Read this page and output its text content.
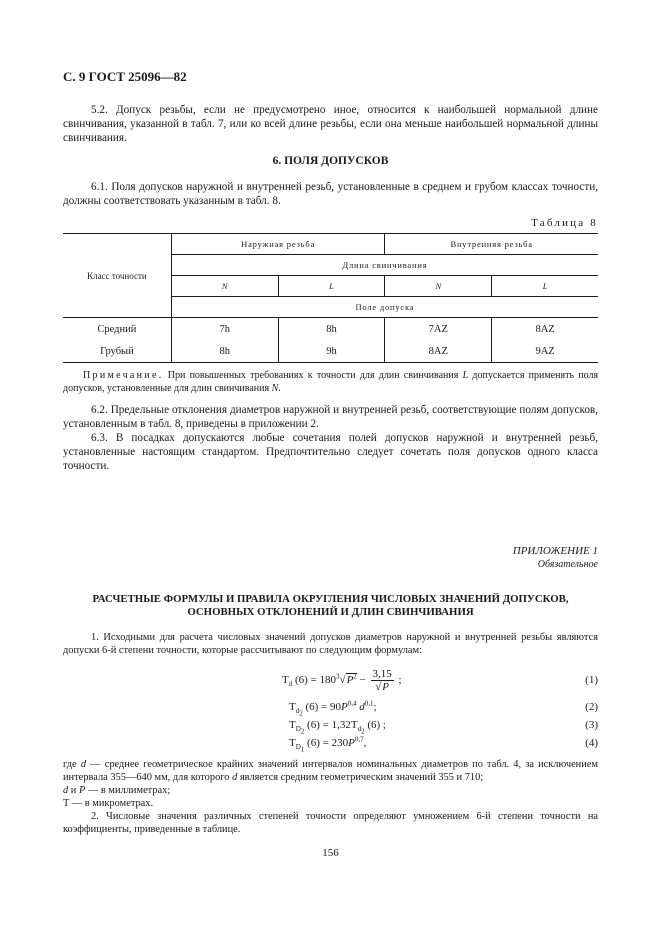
С. 9 ГОСТ 25096—82
5.2. Допуск резьбы, если не предусмотрено иное, относится к наибольшей нормальной длине свинчивания, указанной в табл. 7, или ко всей длине резьбы, если она меньше наибольшей нормальной длины свинчивания.
6. ПОЛЯ ДОПУСКОВ
6.1. Поля допусков наружной и внутренней резьб, установленные в среднем и грубом классах точности, должны соответствовать указанным в табл. 8.
Таблица 8
Класс точности	Наружная резьба		Внутренняя резьба	
	Длина свинчивания			
	N	L	N	L
	Поле допуска			
Средний	7h	8h	7AZ	8AZ
Грубый	8h	9h	8AZ	9AZ
Примечание. При повышенных требованиях к точности для длин свинчивания L допускается применять поля допусков, установленные для длин свинчивания N.
6.2. Предельные отклонения диаметров наружной и внутренней резьб, соответствующие полям допусков, установленным в табл. 8, приведены в приложении 2.
6.3. В посадках допускаются любые сочетания полей допусков наружной и внутренней резьб, установленные настоящим стандартом. Предпочтительно следует сочетать поля допусков одного класса точности.
ПРИЛОЖЕНИЕ 1
Обязательное
РАСЧЕТНЫЕ ФОРМУЛЫ И ПРАВИЛА ОКРУГЛЕНИЯ ЧИСЛОВЫХ ЗНАЧЕНИЙ ДОПУСКОВ,
ОСНОВНЫХ ОТКЛОНЕНИЙ И ДЛИН СВИНЧИВАНИЯ
1. Исходными для расчета числовых значений допусков диаметров наружной и внутренней резьбы являются допуски 6-й степени точности, которые рассчитывают по следующим формулам:
$T_d$ $(6) = 180^3√P^2 - \frac{3,15}{√P}$ ;	(1)
$T_{d_2}$ $(6) = 90P^{0,4}$ $d^{0,1}$;	(2)
$T_{D_2}$ $(6) = 1,32T_{d_2}$ (6) ;	(3)
$T_{D_1}$ $(6) = 230P^{0,7}$,	(4)
где d — среднее геометрическое крайних значений интервалов номинальных диаметров по табл. 4, за исключением интервала 355—640 мм, для которого d является средним геометрическим значений 355 и 710;
d и P — в миллиметрах;
T — в микрометрах.
2. Числовые значения различных степеней точности определяют умножением 6-й степени точности на коэффициенты, приведенные в таблице.
156
